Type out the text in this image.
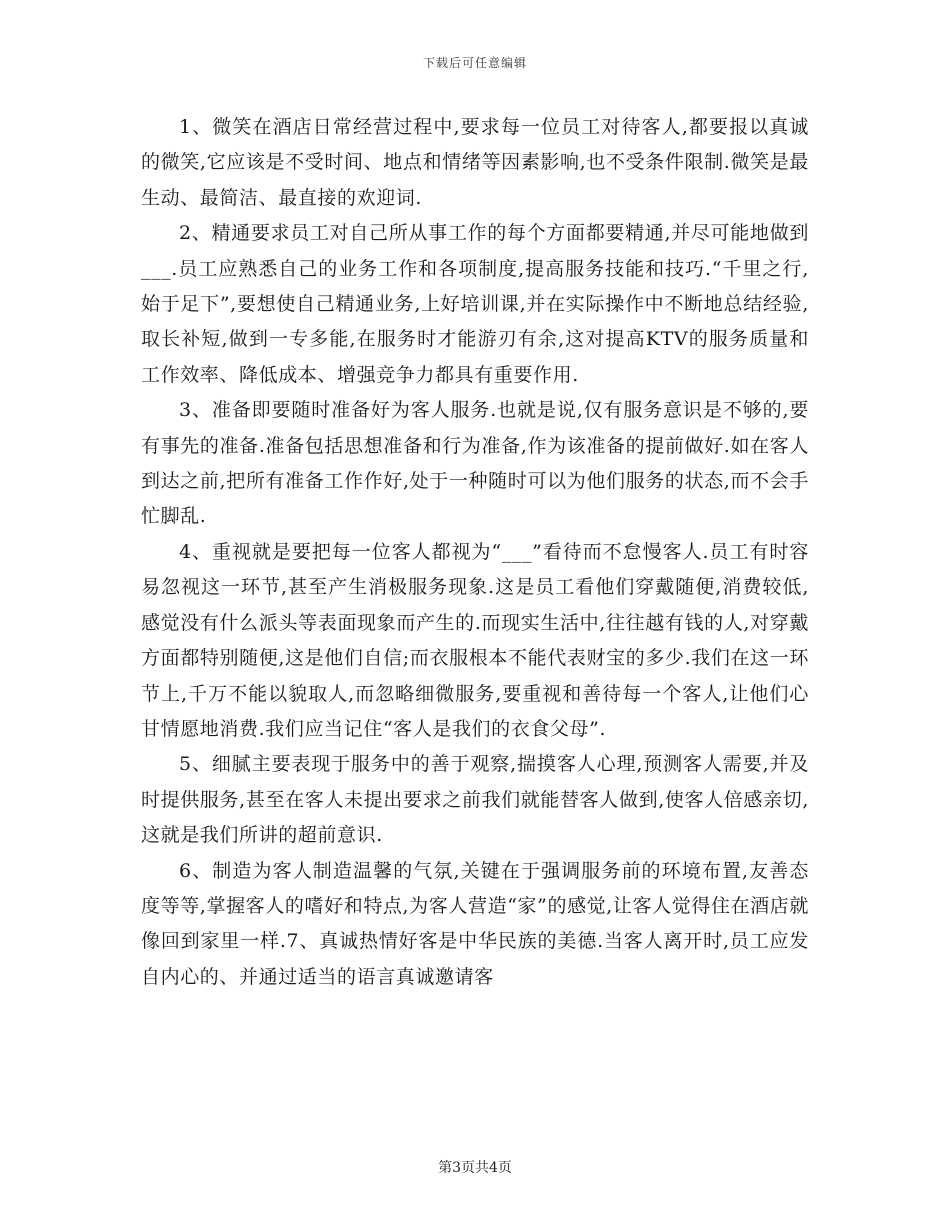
下载后可任意编辑

1、微笑在酒店日常经营过程中,要求每一位员工对待客人,都要报以真诚的微笑,它应该是不受时间、地点和情绪等因素影响,也不受条件限制.微笑是最生动、最简洁、最直接的欢迎词.

2、精通要求员工对自己所从事工作的每个方面都要精通,并尽可能地做到___.员工应熟悉自己的业务工作和各项制度,提高服务技能和技巧.“千里之行,始于足下”,要想使自己精通业务,上好培训课,并在实际操作中不断地总结经验,取长补短,做到一专多能,在服务时才能游刃有余,这对提高KTV的服务质量和工作效率、降低成本、增强竞争力都具有重要作用.

3、准备即要随时准备好为客人服务.也就是说,仅有服务意识是不够的,要有事先的准备.准备包括思想准备和行为准备,作为该准备的提前做好.如在客人到达之前,把所有准备工作作好,处于一种随时可以为他们服务的状态,而不会手忙脚乱.

4、重视就是要把每一位客人都视为“___”看待而不怠慢客人.员工有时容易忽视这一环节,甚至产生消极服务现象.这是员工看他们穿戴随便,消费较低,感觉没有什么派头等表面现象而产生的.而现实生活中,往往越有钱的人,对穿戴方面都特别随便,这是他们自信;而衣服根本不能代表财宝的多少.我们在这一环节上,千万不能以貌取人,而忽略细微服务,要重视和善待每一个客人,让他们心甘情愿地消费.我们应当记住“客人是我们的衣食父母”.

5、细腻主要表现于服务中的善于观察,揣摸客人心理,预测客人需要,并及时提供服务,甚至在客人未提出要求之前我们就能替客人做到,使客人倍感亲切,这就是我们所讲的超前意识.

6、制造为客人制造温馨的气氛,关键在于强调服务前的环境布置,友善态度等等,掌握客人的嗜好和特点,为客人营造“家”的感觉,让客人觉得住在酒店就像回到家里一样.7、真诚热情好客是中华民族的美德.当客人离开时,员工应发自内心的、并通过适当的语言真诚邀请客

第3页共4页
